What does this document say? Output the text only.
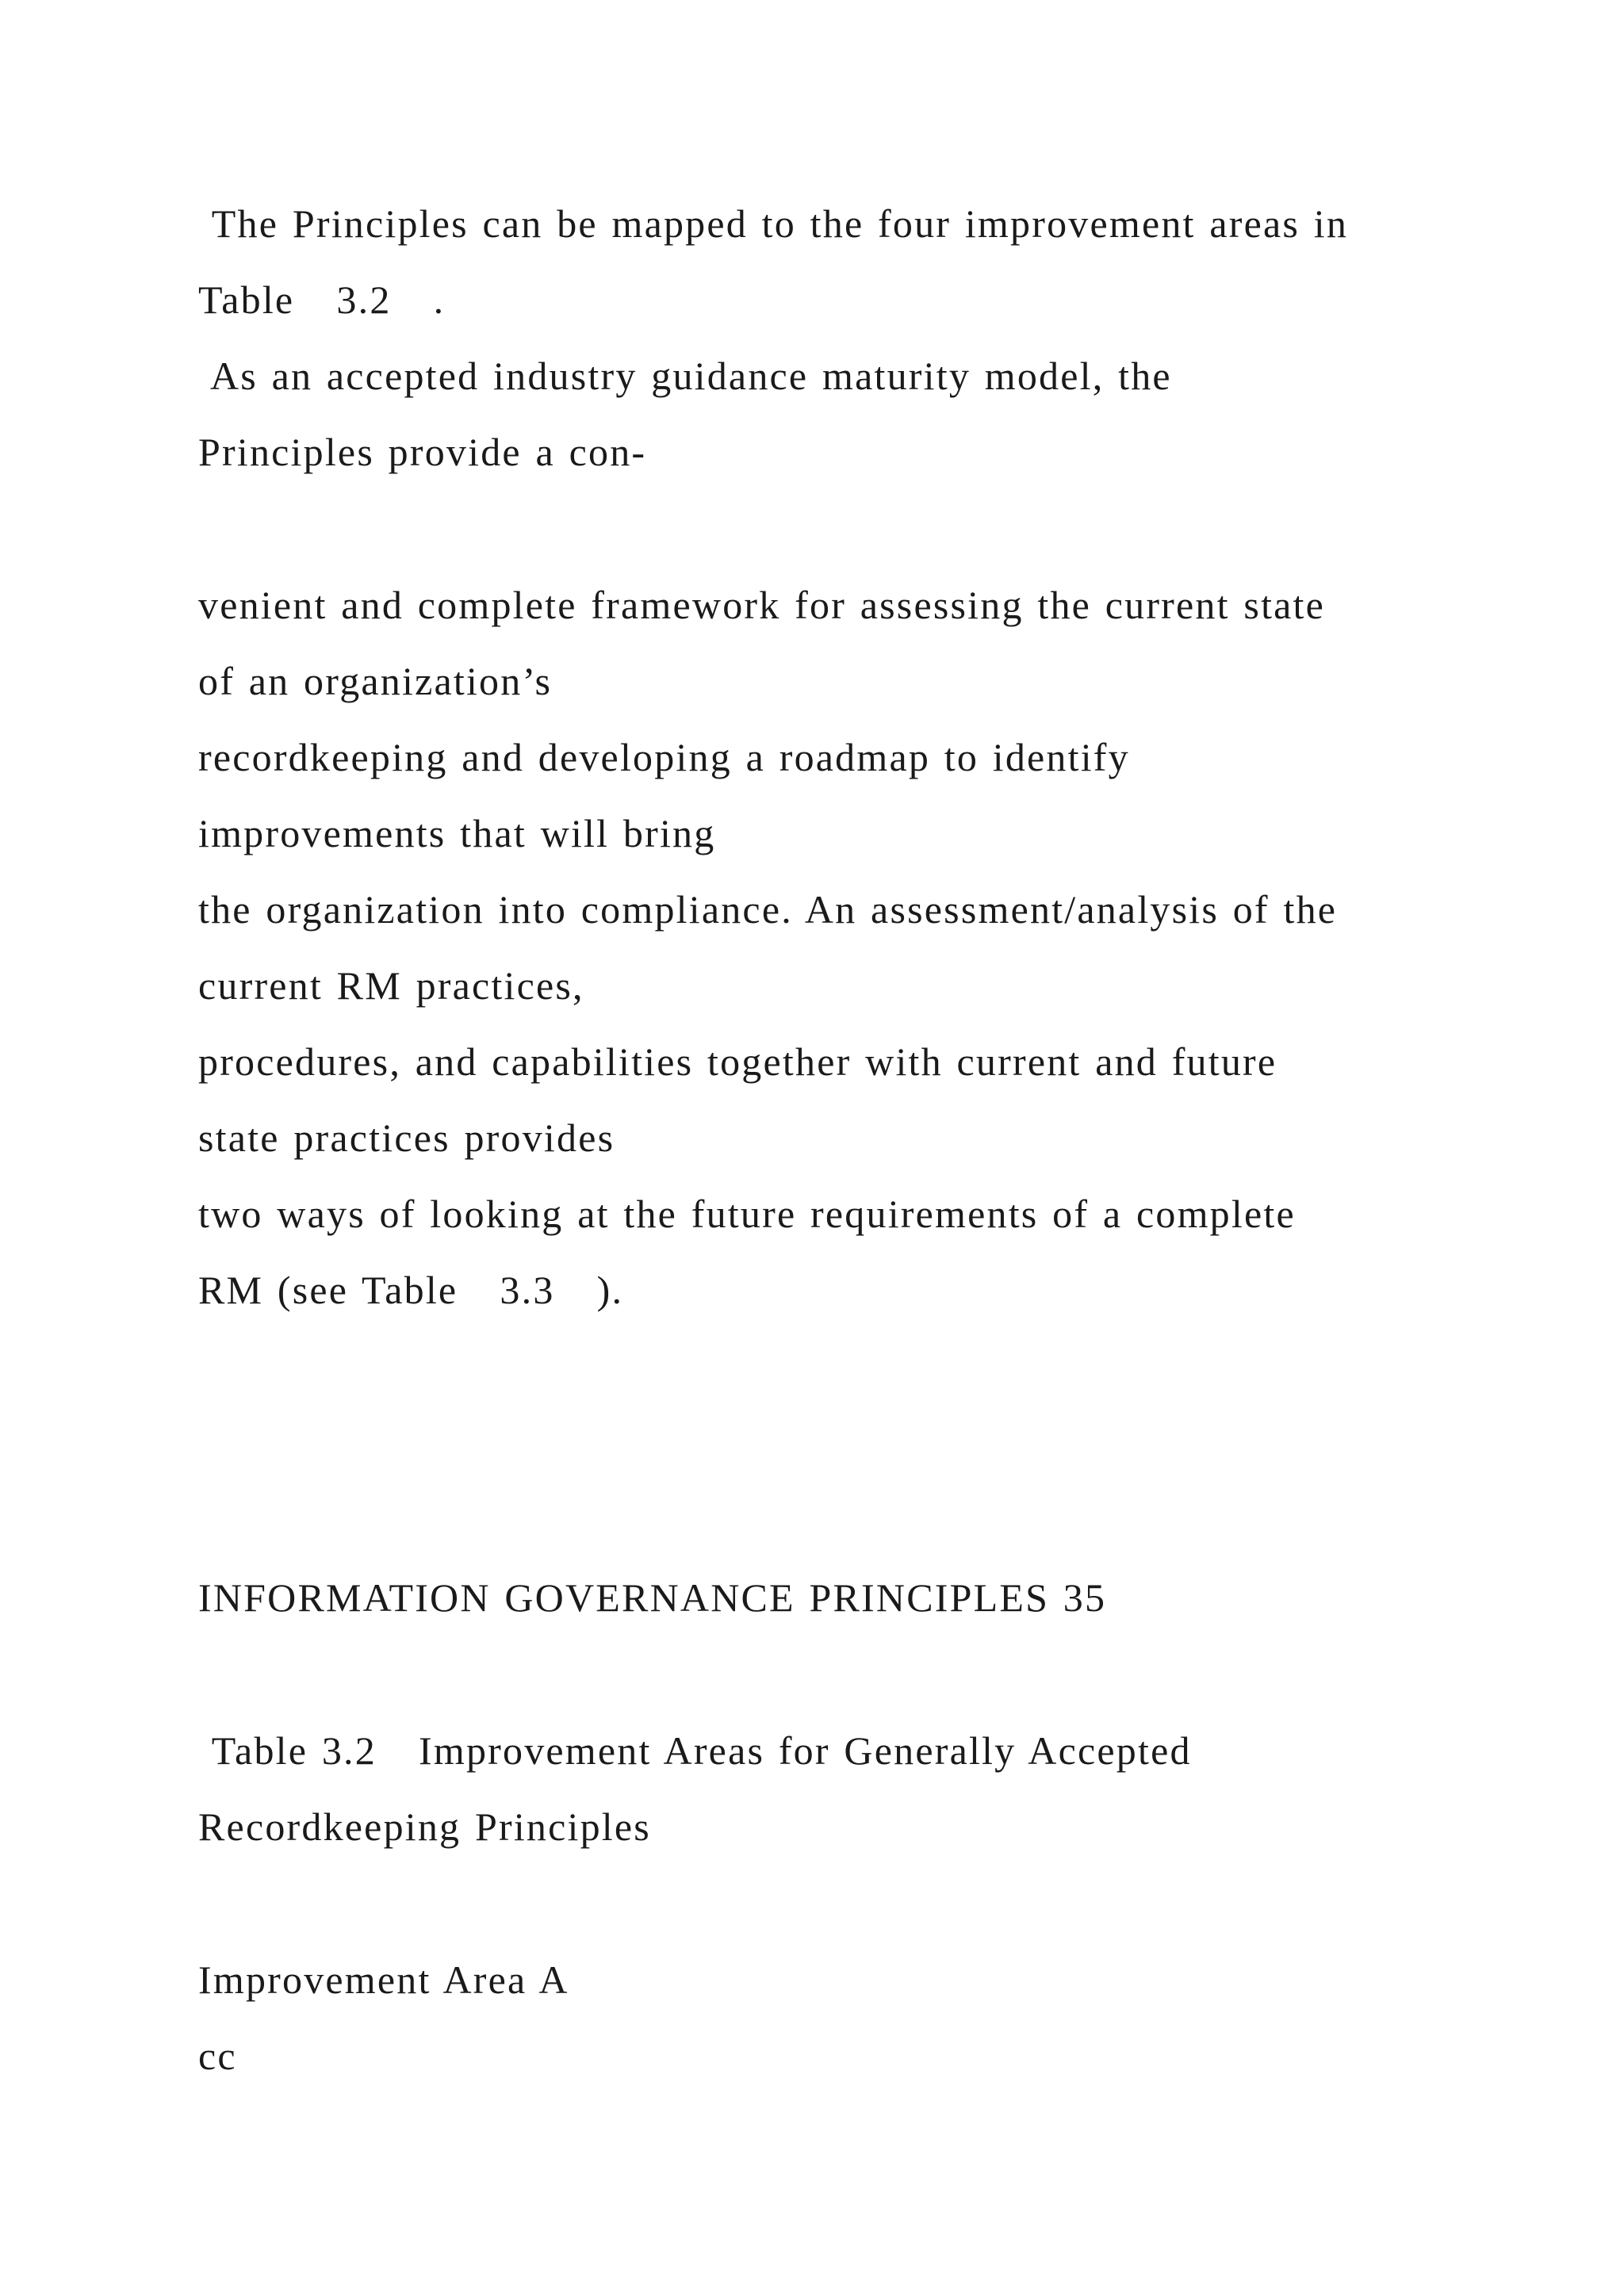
The Principles can be mapped to the four improvement areas in

Table   3.2   .

As an accepted industry guidance maturity model, the

Principles provide a con-

venient and complete framework for assessing the current state

of an organization’s

recordkeeping and developing a roadmap to identify

improvements that will bring

the organization into compliance. An assessment/analysis of the

current RM practices,

procedures, and capabilities together with current and future

state practices provides

two ways of looking at the future requirements of a complete

RM (see Table   3.3   ).

INFORMATION GOVERNANCE PRINCIPLES 35

Table 3.2   Improvement Areas for Generally Accepted

Recordkeeping Principles

Improvement Area A

cc
